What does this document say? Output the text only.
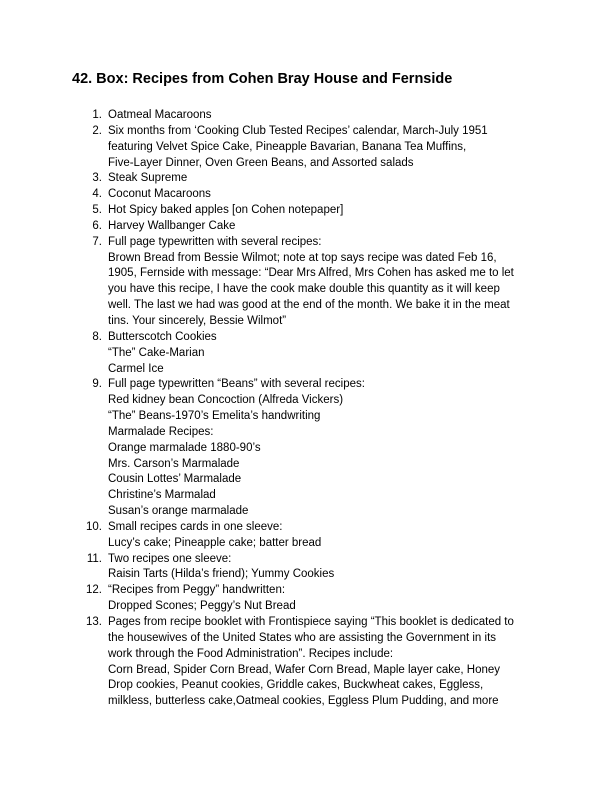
42. Box: Recipes from Cohen Bray House and Fernside
1. Oatmeal Macaroons
2. Six months from ‘Cooking Club Tested Recipes’ calendar, March-July 1951
featuring Velvet Spice Cake, Pineapple Bavarian, Banana Tea Muffins,
Five-Layer Dinner, Oven Green Beans, and Assorted salads
3. Steak Supreme
4. Coconut Macaroons
5. Hot Spicy baked apples [on Cohen notepaper]
6. Harvey Wallbanger Cake
7. Full page typewritten with several recipes:
Brown Bread from Bessie Wilmot; note at top says recipe was dated Feb 16,
1905, Fernside with message: “Dear Mrs Alfred, Mrs Cohen has asked me to let
you have this recipe, I have the cook make double this quantity as it will keep
well. The last we had was good at the end of the month. We bake it in the meat
tins. Your sincerely, Bessie Wilmot”
8. Butterscotch Cookies
“The” Cake-Marian
Carmel Ice
9. Full page typewritten “Beans” with several recipes:
Red kidney bean Concoction (Alfreda Vickers)
“The” Beans-1970’s Emelita’s handwriting
Marmalade Recipes:
Orange marmalade 1880-90’s
Mrs. Carson’s Marmalade
Cousin Lottes’ Marmalade
Christine’s Marmalad
Susan’s orange marmalade
10. Small recipes cards in one sleeve:
Lucy’s cake; Pineapple cake; batter bread
11. Two recipes one sleeve:
Raisin Tarts (Hilda’s friend); Yummy Cookies
12. “Recipes from Peggy” handwritten:
Dropped Scones; Peggy’s Nut Bread
13. Pages from recipe booklet with Frontispiece saying “This booklet is dedicated to
the housewives of the United States who are assisting the Government in its
work through the Food Administration”. Recipes include:
Corn Bread, Spider Corn Bread, Wafer Corn Bread, Maple layer cake, Honey
Drop cookies, Peanut cookies, Griddle cakes, Buckwheat cakes, Eggless,
milkless, butterless cake,Oatmeal cookies, Eggless Plum Pudding, and more
